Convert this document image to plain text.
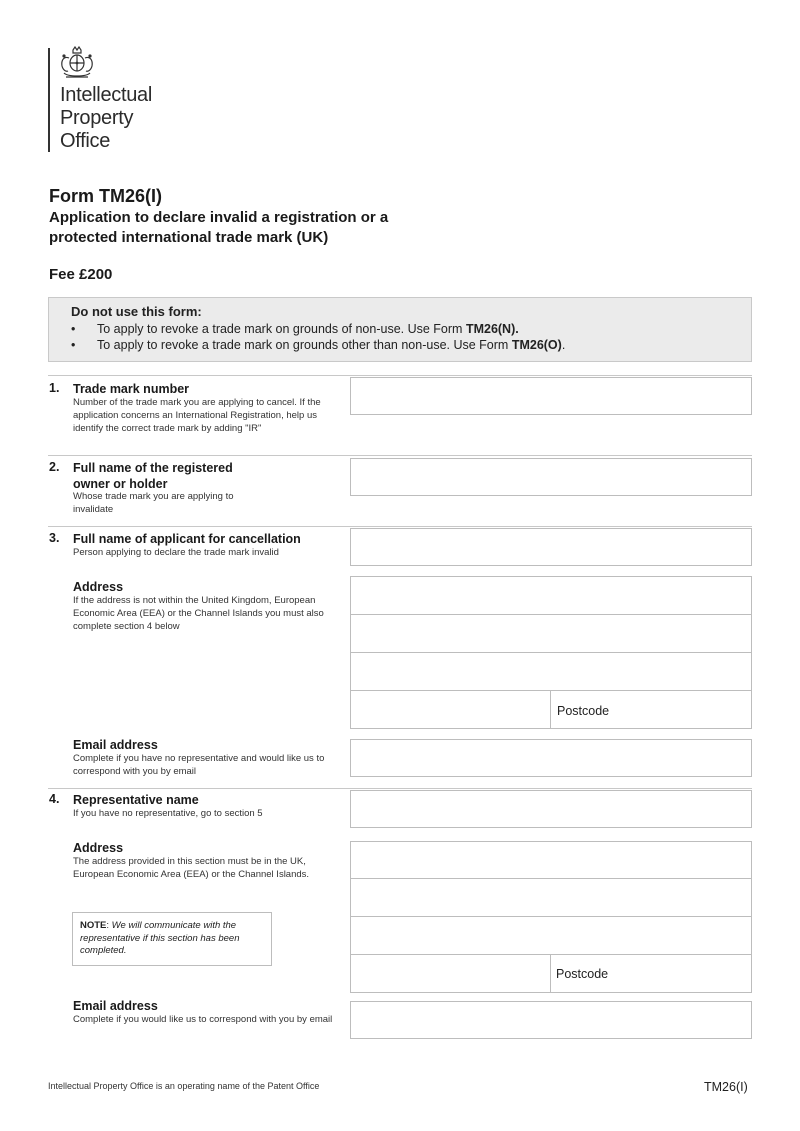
Intellectual
Property
Office
Form TM26(I)
Application to declare invalid a registration or a protected international trade mark (UK)
Fee £200
Do not use this form:
• To apply to revoke a trade mark on grounds of non-use. Use Form TM26(N).
• To apply to revoke a trade mark on grounds other than non-use. Use Form TM26(O).
1. Trade mark number
Number of the trade mark you are applying to cancel. If the application concerns an International Registration, help us identify the correct trade mark by adding "IR"
2. Full name of the registered owner or holder
Whose trade mark you are applying to invalidate
3. Full name of applicant for cancellation
Person applying to declare the trade mark invalid
Address
If the address is not within the United Kingdom, European Economic Area (EEA) or the Channel Islands you must also complete section 4 below
Postcode
Email address
Complete if you have no representative and would like us to correspond with you by email
4. Representative name
If you have no representative, go to section 5
Address
The address provided in this section must be in the UK, European Economic Area (EEA) or the Channel Islands.
Postcode
NOTE: We will communicate with the representative if this section has been completed.
Email address
Complete if you would like us to correspond with you by email
Intellectual Property Office is an operating name of the Patent Office	TM26(I)
